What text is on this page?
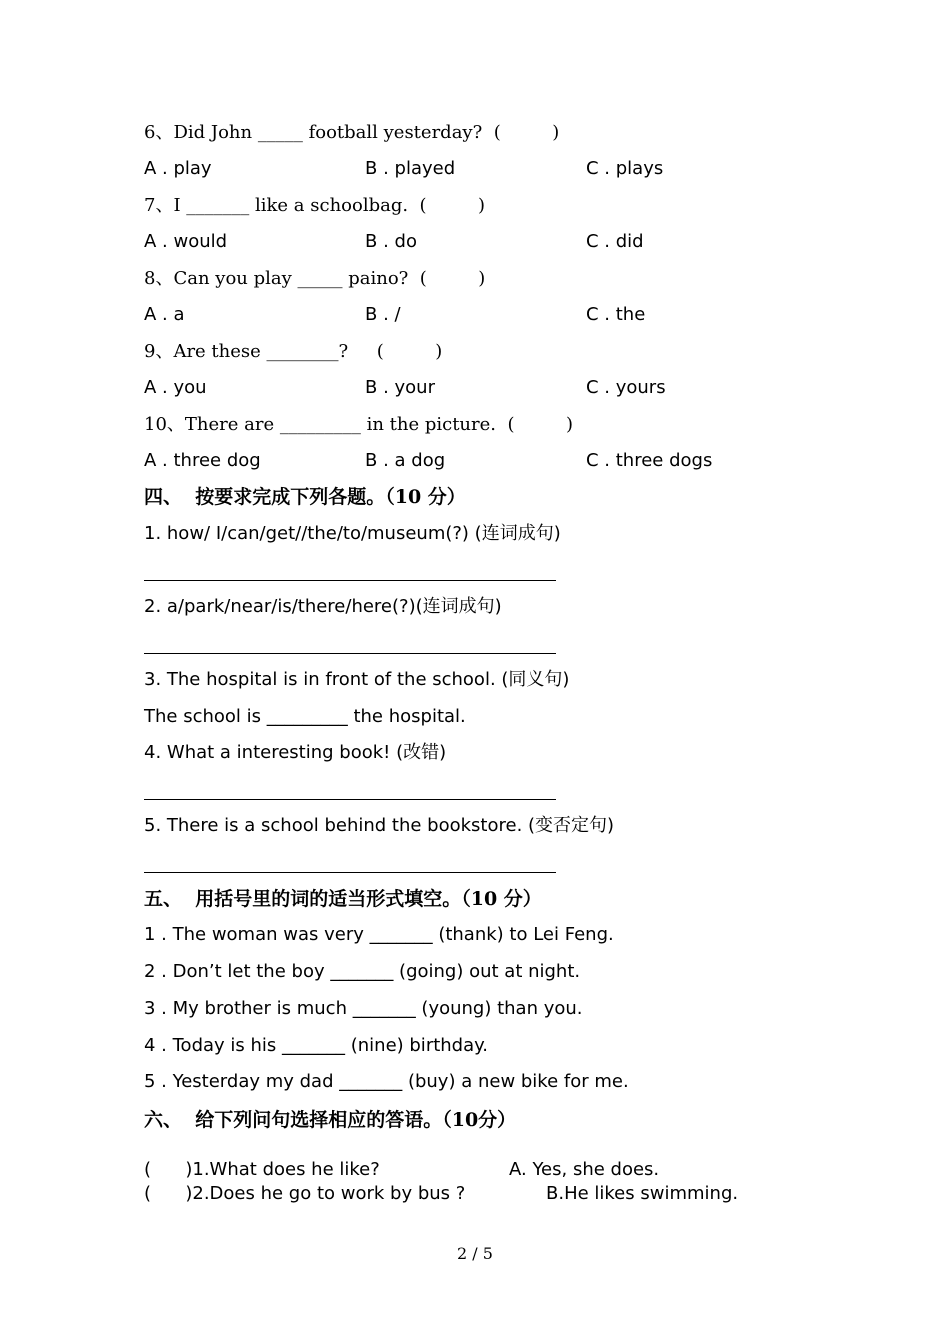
6、Did John _____ football yesterday?  (         )
A . play	B . played	C . plays
7、I _______ like a schoolbag.  (         )
A . would	B . do	C . did
8、Can you play _____ paino?  (         )
A . a	B . /	C . the
9、Are these ________?     (         )
A . you	B . your	C . yours
10、There are _________ in the picture.  (         )
A . three dog	B . a dog	C . three dogs
四、  按要求完成下列各题。（10 分）
1. how/ I/can/get//the/to/museum(?) (连词成句)
2. a/park/near/is/there/here(?)(连词成句)
3. The hospital is in front of the school. (同义句)
The school is _________ the hospital.
4. What a interesting book! (改错)
5. There is a school behind the bookstore. (变否定句)
五、  用括号里的词的适当形式填空。（10 分）
1 . The woman was very _______ (thank) to Lei Feng.
2 . Don’t let the boy _______ (going) out at night.
3 . My brother is much _______ (young) than you.
4 . Today is his _______ (nine) birthday.
5 . Yesterday my dad _______ (buy) a new bike for me.
六、  给下列问句选择相应的答语。（10分）
(      )1.What does he like?	A. Yes, she does.
(      )2.Does he go to work by bus ?	B.He likes swimming.
2 / 5
